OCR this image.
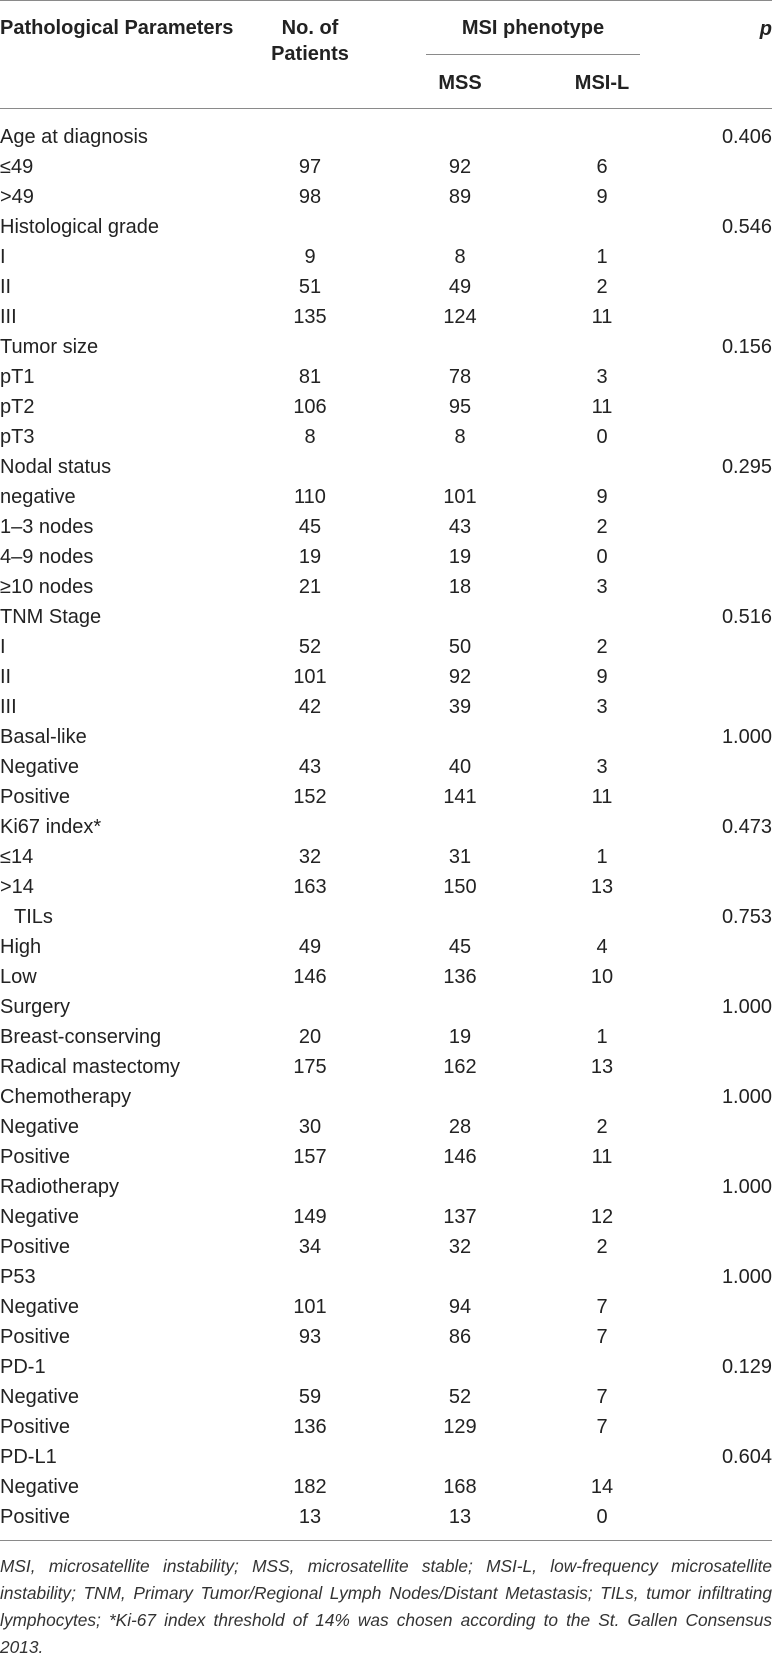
Pathological Parameters	No. of Patients
MSI phenotype
MSS	MSI-L
p
Age at diagnosis	0.406
≤49	97	92	6
>49	98	89	9
Histological grade	0.546
I	9	8	1
II	51	49	2
III	135	124	11
Tumor size	0.156
pT1	81	78	3
pT2	106	95	11
pT3	8	8	0
Nodal status	0.295
negative	110	101	9
1–3 nodes	45	43	2
4–9 nodes	19	19	0
≥10 nodes	21	18	3
TNM Stage	0.516
I	52	50	2
II	101	92	9
III	42	39	3
Basal-like	1.000
Negative	43	40	3
Positive	152	141	11
Ki67 index*	0.473
≤14	32	31	1
>14	163	150	13
TILs	0.753
High	49	45	4
Low	146	136	10
Surgery	1.000
Breast-conserving	20	19	1
Radical mastectomy	175	162	13
Chemotherapy	1.000
Negative	30	28	2
Positive	157	146	11
Radiotherapy	1.000
Negative	149	137	12
Positive	34	32	2
P53	1.000
Negative	101	94	7
Positive	93	86	7
PD-1	0.129
Negative	59	52	7
Positive	136	129	7
PD-L1	0.604
Negative	182	168	14
Positive	13	13	0

MSI, microsatellite instability; MSS, microsatellite stable; MSI-L, low-frequency microsatellite instability; TNM, Primary Tumor/Regional Lymph Nodes/Distant Metastasis; TILs, tumor infiltrating lymphocytes; *Ki-67 index threshold of 14% was chosen according to the St. Gallen Consensus 2013.
